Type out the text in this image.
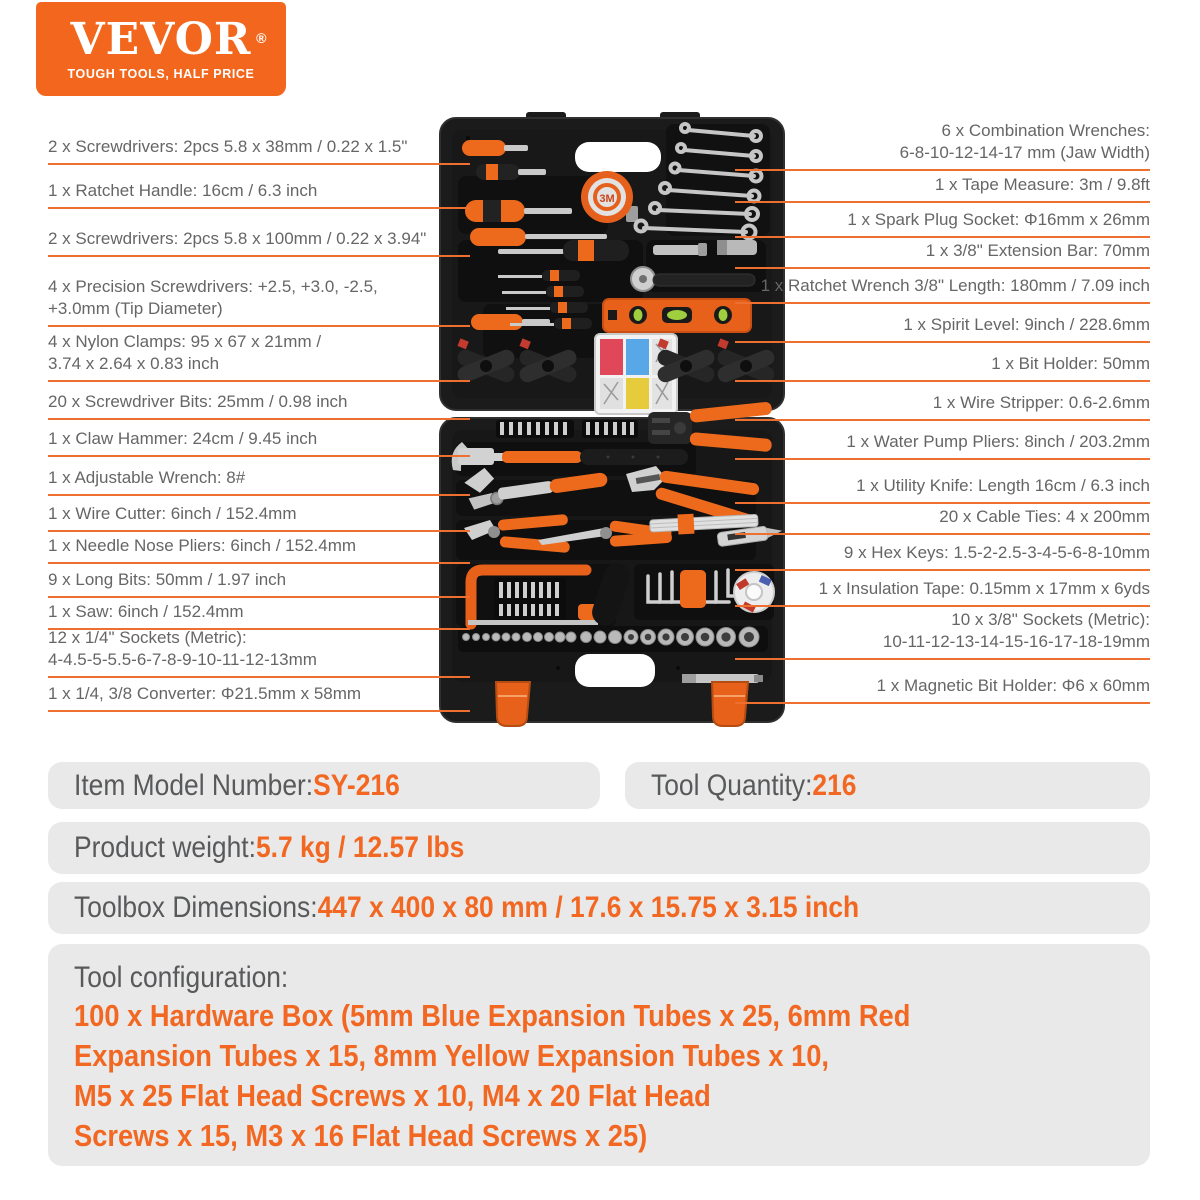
VEVOR ®
TOUGH TOOLS, HALF PRICE
3M
2 x Screwdrivers: 2pcs 5.8 x 38mm / 0.22 x 1.5"
1 x Ratchet Handle: 16cm / 6.3 inch
2 x Screwdrivers: 2pcs 5.8 x 100mm / 0.22 x 3.94"
4 x Precision Screwdrivers: +2.5, +3.0, -2.5,
+3.0mm (Tip Diameter)
4 x Nylon Clamps: 95 x 67 x 21mm /
3.74 x 2.64 x 0.83 inch
20 x Screwdriver Bits: 25mm / 0.98 inch
1 x Claw Hammer: 24cm / 9.45 inch
1 x Adjustable Wrench: 8#
1 x Wire Cutter: 6inch / 152.4mm
1 x Needle Nose Pliers: 6inch / 152.4mm
9 x Long Bits: 50mm / 1.97 inch
1 x Saw: 6inch / 152.4mm
12 x 1/4" Sockets (Metric):
4-4.5-5-5.5-6-7-8-9-10-11-12-13mm
1 x 1/4, 3/8 Converter: Φ21.5mm x 58mm
6 x Combination Wrenches:
6-8-10-12-14-17 mm (Jaw Width)
1 x Tape Measure: 3m / 9.8ft
1 x Spark Plug Socket: Φ16mm x 26mm
1 x 3/8" Extension Bar: 70mm
1 x Ratchet Wrench 3/8" Length: 180mm / 7.09 inch
1 x Spirit Level: 9inch / 228.6mm
1 x Bit Holder: 50mm
1 x Wire Stripper: 0.6-2.6mm
1 x Water Pump Pliers: 8inch / 203.2mm
1 x Utility Knife: Length 16cm / 6.3 inch
20 x Cable Ties: 4 x 200mm
9 x Hex Keys: 1.5-2-2.5-3-4-5-6-8-10mm
1 x Insulation Tape: 0.15mm x 17mm x 6yds
10 x 3/8" Sockets (Metric):
10-11-12-13-14-15-16-17-18-19mm
1 x Magnetic Bit Holder: Φ6 x 60mm
Item Model Number:SY-216	Tool Quantity:216
Product weight:5.7 kg / 12.57 lbs
Toolbox Dimensions:447 x 400 x 80 mm / 17.6 x 15.75 x 3.15 inch
Tool configuration:
100 x Hardware Box (5mm Blue Expansion Tubes x 25, 6mm Red
Expansion Tubes x 15, 8mm Yellow Expansion Tubes x 10,
M5 x 25 Flat Head Screws x 10, M4 x 20 Flat Head
Screws x 15, M3 x 16 Flat Head Screws x 25)
